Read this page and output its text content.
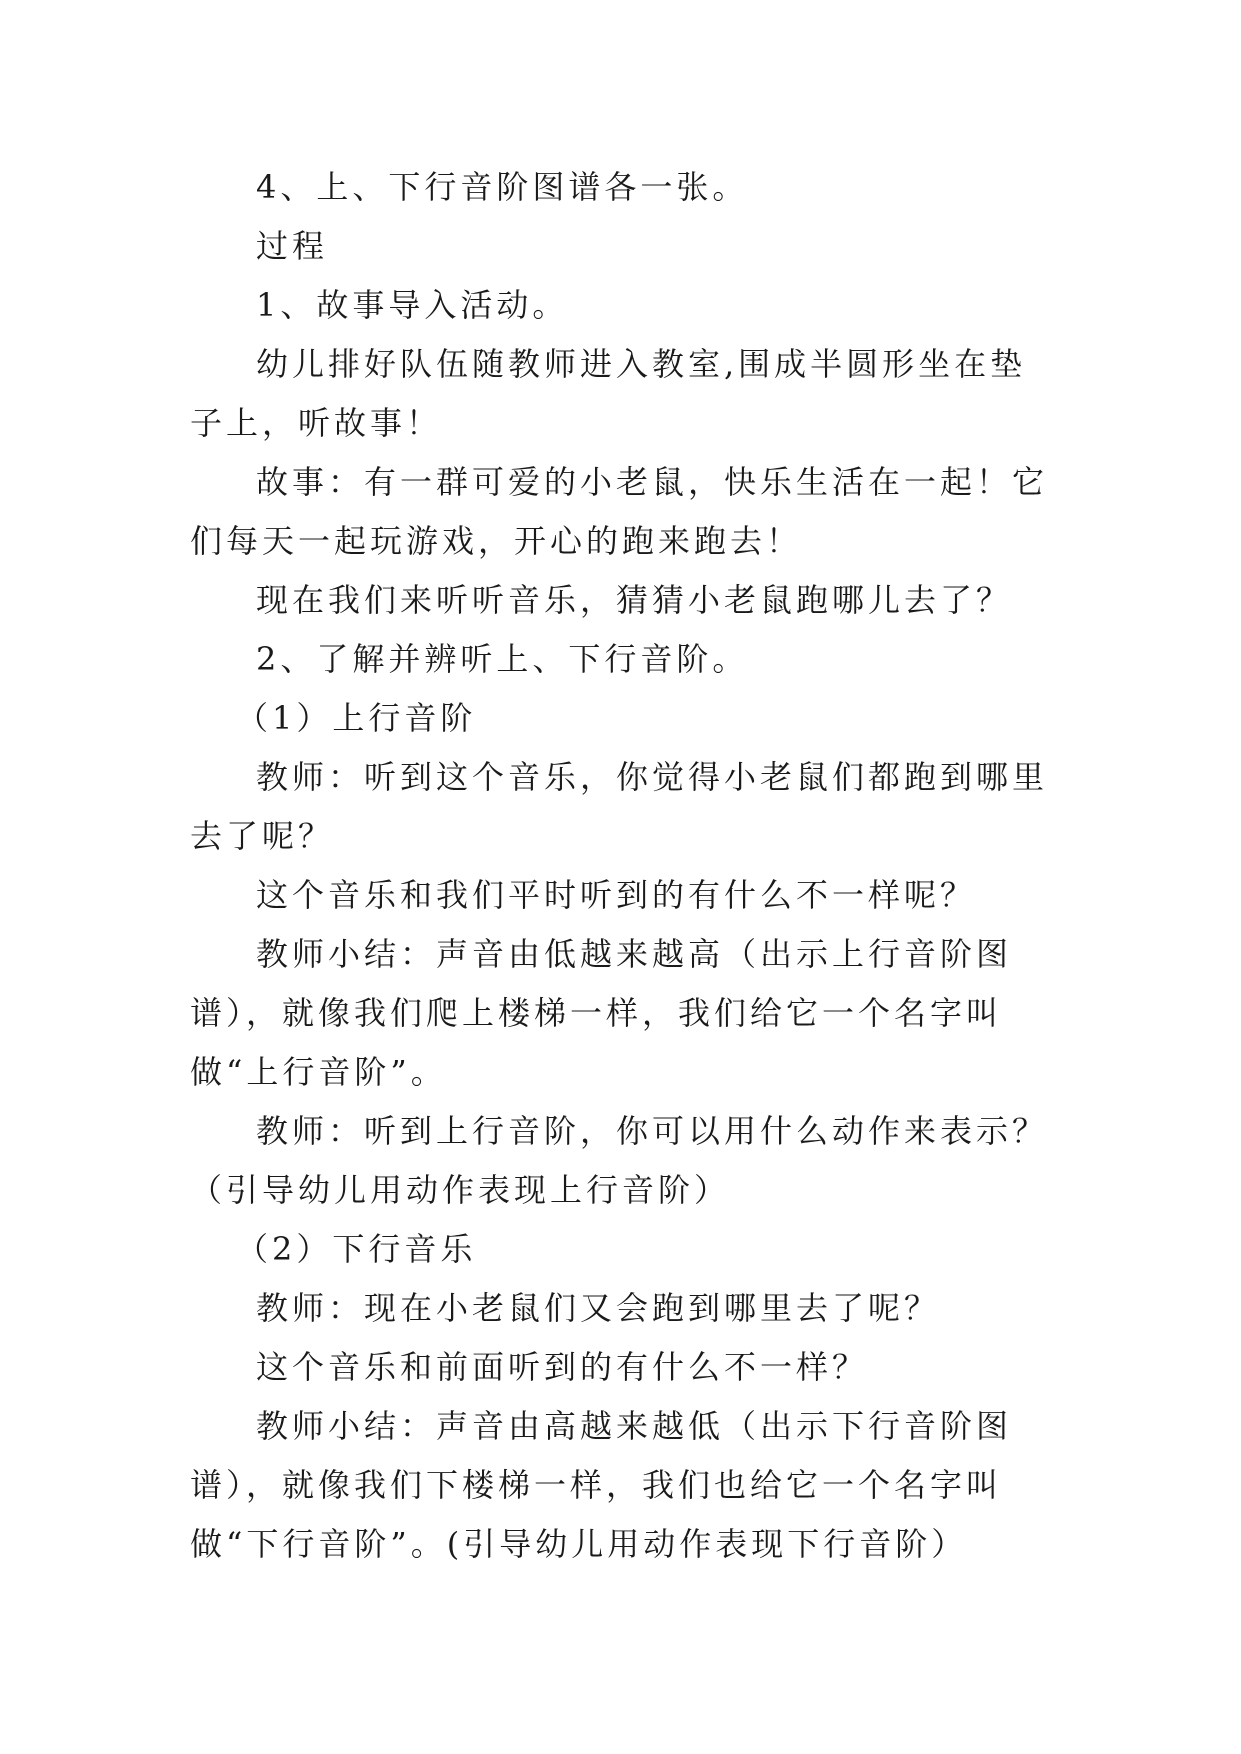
4、上、下行音阶图谱各一张。

过程

1、故事导入活动。

幼儿排好队伍随教师进入教室,围成半圆形坐在垫子上，听故事！

故事：有一群可爱的小老鼠，快乐生活在一起！它们每天一起玩游戏，开心的跑来跑去！

现在我们来听听音乐，猜猜小老鼠跑哪儿去了？

2、了解并辨听上、下行音阶。

（1）上行音阶

教师：听到这个音乐，你觉得小老鼠们都跑到哪里去了呢？

这个音乐和我们平时听到的有什么不一样呢？

教师小结：声音由低越来越高（出示上行音阶图谱），就像我们爬上楼梯一样，我们给它一个名字叫做“上行音阶”。

教师：听到上行音阶，你可以用什么动作来表示？（引导幼儿用动作表现上行音阶）

（2）下行音乐

教师：现在小老鼠们又会跑到哪里去了呢？

这个音乐和前面听到的有什么不一样？

教师小结：声音由高越来越低（出示下行音阶图谱），就像我们下楼梯一样，我们也给它一个名字叫做“下行音阶”。(引导幼儿用动作表现下行音阶）
